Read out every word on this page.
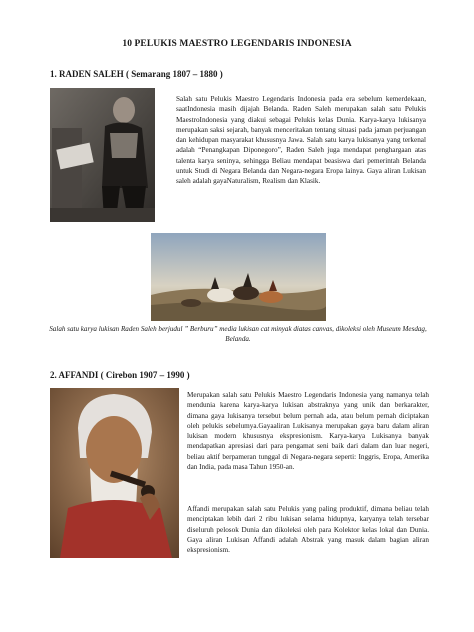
10 PELUKIS MAESTRO LEGENDARIS INDONESIA
1. RADEN SALEH ( Semarang 1807 – 1880 )

Salah satu Pelukis Maestro Legendaris Indonesia pada era sebelum kemerdekaan, saatIndonesia masih dijajah Belanda. Raden Saleh merupakan salah satu Pelukis MaestroIndonesia yang diakui sebagai Pelukis kelas Dunia. Karya-karya lukisanya merupakan saksi sejarah, banyak menceritakan tentang situasi pada jaman perjuangan dan kehidupan masyarakat khususnya Jawa. Salah satu karya lukisanya yang terkenal adalah “Penangkapan Diponegoro”, Raden Saleh juga mendapat penghargaan atas talenta karya seninya, sehingga Beliau mendapat beasiswa dari pemerintah Belanda untuk Studi di Negara Belanda dan Negara-negara Eropa lainya. Gaya aliran Lukisan saleh adalah gayaNaturalism, Realism dan Klasik.

Salah satu karya lukisan Raden Saleh berjudul ” Berburu” media lukisan cat minyak diatas canvas, dikoleksi oleh Museum Mesdag, Belanda.

2. AFFANDI ( Cirebon 1907 – 1990 )

Merupakan salah satu Pelukis Maestro Legendaris Indonesia yang namanya telah mendunia karena karya-karya lukisan abstraknya yang unik dan berkarakter, dimana gaya lukisanya tersebut belum pernah ada, atau belum pernah diciptakan oleh pelukis sebelumya.Gayaaliran Lukisanya merupakan gaya baru dalam aliran lukisan modern khususnya ekspresionism. Karya-karya Lukisanya banyak mendapatkan apresiasi dari para pengamat seni baik dari dalam dan luar negeri, beliau aktif berpameran tunggal di Negara-negara seperti: Inggris, Eropa, Amerika dan India, pada masa Tahun 1950-an.

Affandi merupakan salah satu Pelukis yang paling produktif, dimana beliau telah menciptakan lebih dari 2 ribu lukisan selama hidupnya, karyanya telah tersebar diseluruh pelosok Dunia dan dikoleksi oleh para Kolektor kelas lokal dan Dunia. Gaya aliran Lukisan Affandi adalah Abstrak yang masuk dalam bagian aliran ekspresionism.
